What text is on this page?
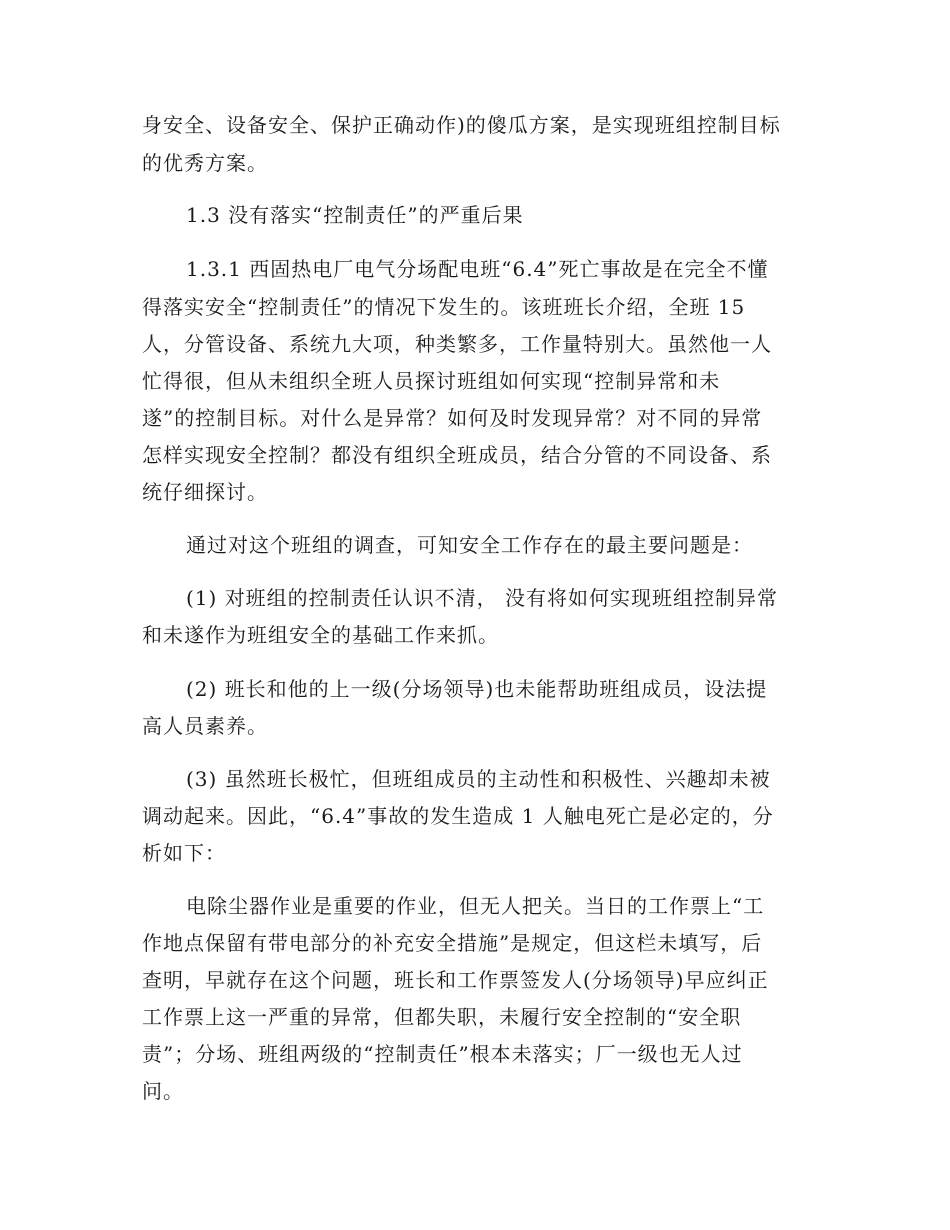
身安全、设备安全、保护正确动作)的傻瓜方案，是实现班组控制目标
的优秀方案。
1.3 没有落实“控制责任”的严重后果
1.3.1 西固热电厂电气分场配电班“6.4”死亡事故是在完全不懂
得落实安全“控制责任”的情况下发生的。该班班长介绍，全班 15
人，分管设备、系统九大项，种类繁多，工作量特别大。虽然他一人
忙得很，但从未组织全班人员探讨班组如何实现“控制异常和未
遂”的控制目标。对什么是异常？如何及时发现异常？对不同的异常
怎样实现安全控制？都没有组织全班成员，结合分管的不同设备、系
统仔细探讨。
通过对这个班组的调查，可知安全工作存在的最主要问题是：
(1) 对班组的控制责任认识不清， 没有将如何实现班组控制异常
和未遂作为班组安全的基础工作来抓。
(2) 班长和他的上一级(分场领导)也未能帮助班组成员，设法提
高人员素养。
(3) 虽然班长极忙，但班组成员的主动性和积极性、兴趣却未被
调动起来。因此，“6.4”事故的发生造成 1 人触电死亡是必定的，分
析如下：
电除尘器作业是重要的作业，但无人把关。当日的工作票上“工
作地点保留有带电部分的补充安全措施”是规定，但这栏未填写，后
查明，早就存在这个问题，班长和工作票签发人(分场领导)早应纠正
工作票上这一严重的异常，但都失职，未履行安全控制的“安全职
责”；分场、班组两级的“控制责任”根本未落实；厂一级也无人过
问。
